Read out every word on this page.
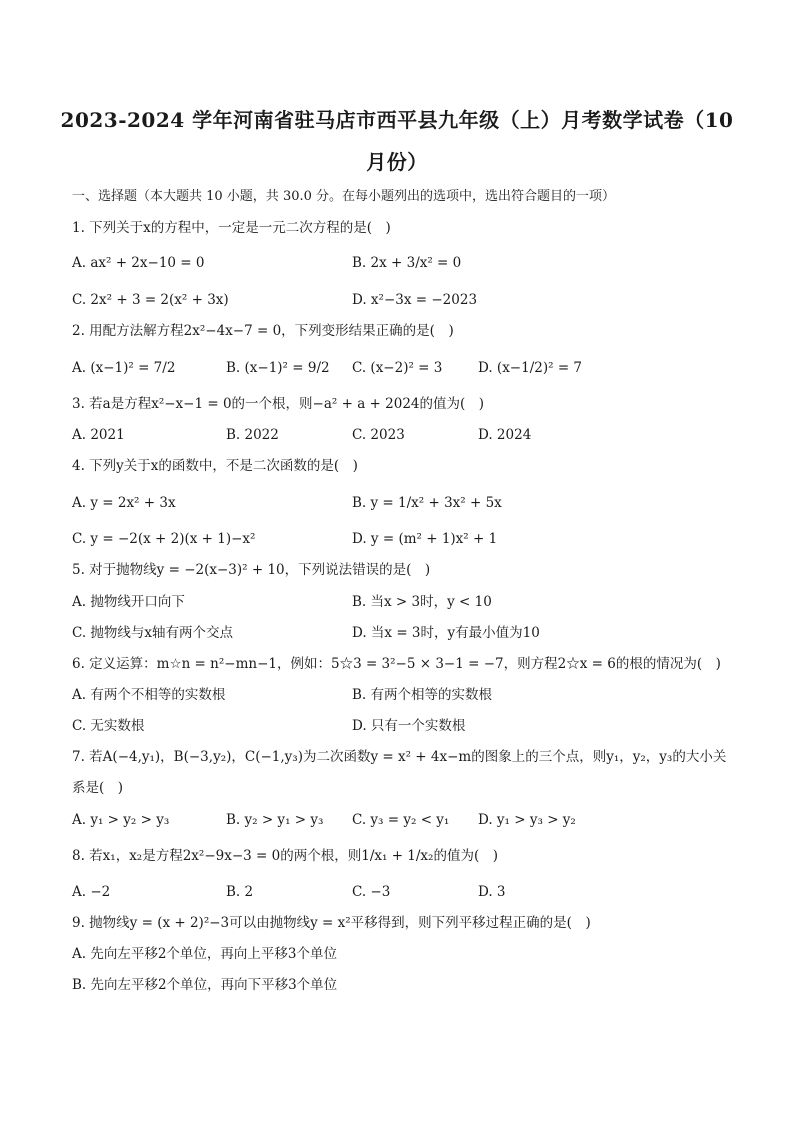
2023-2024 学年河南省驻马店市西平县九年级（上）月考数学试卷（10
月份）
一、选择题（本大题共 10 小题，共 30.0 分。在每小题列出的选项中，选出符合题目的一项）
1. 下列关于x的方程中，一定是一元二次方程的是(　)
A. ax² + 2x−10 = 0	B. 2x + 3/x² = 0
C. 2x² + 3 = 2(x² + 3x)	D. x²−3x = −2023
2. 用配方法解方程2x²−4x−7 = 0，下列变形结果正确的是(　)
A. (x−1)² = 7/2	B. (x−1)² = 9/2 C. (x−2)² = 3	D. (x−1/2)² = 7
3. 若a是方程x²−x−1 = 0的一个根，则−a² + a + 2024的值为(　)
A. 2021	B. 2022	C. 2023	D. 2024
4. 下列y关于x的函数中，不是二次函数的是(　)
A. y = 2x² + 3x	B. y = 1/x² + 3x² + 5x
C. y = −2(x + 2)(x + 1)−x²	D. y = (m² + 1)x² + 1
5. 对于抛物线y = −2(x−3)² + 10，下列说法错误的是(　)
A. 抛物线开口向下	B. 当x > 3时，y < 10
C. 抛物线与x轴有两个交点	D. 当x = 3时，y有最小值为10
6. 定义运算：m☆n = n²−mn−1，例如：5☆3 = 3²−5 × 3−1 = −7，则方程2☆x = 6的根的情况为(　)
A. 有两个不相等的实数根	B. 有两个相等的实数根
C. 无实数根	D. 只有一个实数根
7. 若A(−4,y₁)，B(−3,y₂)，C(−1,y₃)为二次函数y = x² + 4x−m的图象上的三个点，则y₁，y₂，y₃的大小关
系是(　)
A. y₁ > y₂ > y₃	B. y₂ > y₁ > y₃ C. y₃ = y₂ < y₁ D. y₁ > y₃ > y₂
8. 若x₁，x₂是方程2x²−9x−3 = 0的两个根，则1/x₁ + 1/x₂的值为(　)
A. −2	B. 2	C. −3	D. 3
9. 抛物线y = (x + 2)²−3可以由抛物线y = x²平移得到，则下列平移过程正确的是(　)
A. 先向左平移2个单位，再向上平移3个单位
B. 先向左平移2个单位，再向下平移3个单位
